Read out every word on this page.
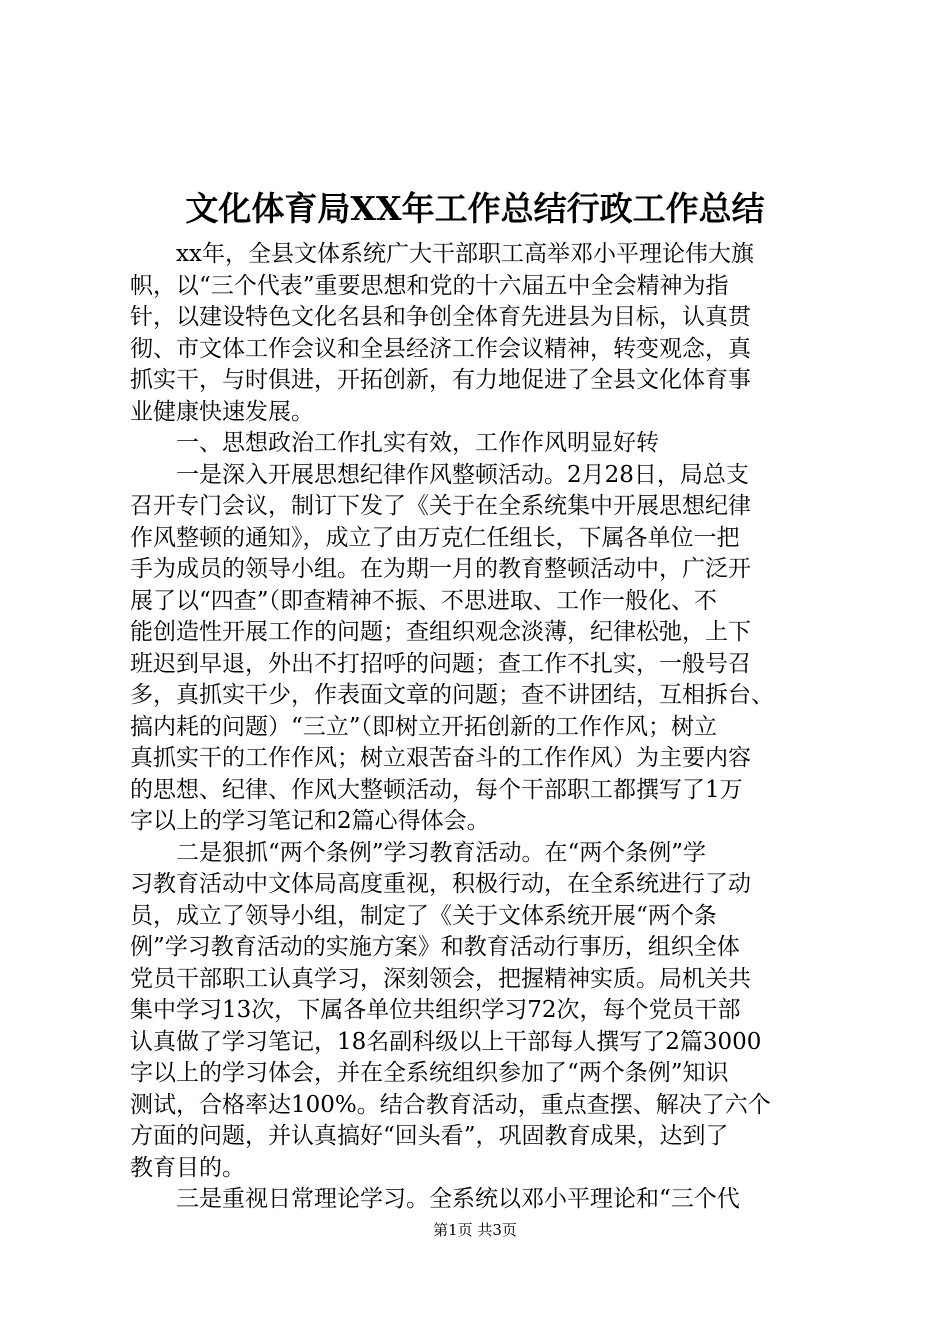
文化体育局XX年工作总结行政工作总结
　　xx年，全县文体系统广大干部职工高举邓小平理论伟大旗
帜，以“三个代表”重要思想和党的十六届五中全会精神为指
针，以建设特色文化名县和争创全体育先进县为目标，认真贯
彻、市文体工作会议和全县经济工作会议精神，转变观念，真
抓实干，与时俱进，开拓创新，有力地促进了全县文化体育事
业健康快速发展。
　　一、思想政治工作扎实有效，工作作风明显好转
　　一是深入开展思想纪律作风整顿活动。2月28日，局总支
召开专门会议，制订下发了《关于在全系统集中开展思想纪律
作风整顿的通知》，成立了由万克仁任组长，下属各单位一把
手为成员的领导小组。在为期一月的教育整顿活动中，广泛开
展了以“四查”（即查精神不振、不思进取、工作一般化、不
能创造性开展工作的问题；查组织观念淡薄，纪律松弛，上下
班迟到早退，外出不打招呼的问题；查工作不扎实，一般号召
多，真抓实干少，作表面文章的问题；查不讲团结，互相拆台、
搞内耗的问题）“三立”（即树立开拓创新的工作作风；树立
真抓实干的工作作风；树立艰苦奋斗的工作作风）为主要内容
的思想、纪律、作风大整顿活动，每个干部职工都撰写了1万
字以上的学习笔记和2篇心得体会。
　　二是狠抓“两个条例”学习教育活动。在“两个条例”学
习教育活动中文体局高度重视，积极行动，在全系统进行了动
员，成立了领导小组，制定了《关于文体系统开展“两个条
例”学习教育活动的实施方案》和教育活动行事历，组织全体
党员干部职工认真学习，深刻领会，把握精神实质。局机关共
集中学习13次，下属各单位共组织学习72次，每个党员干部
认真做了学习笔记，18名副科级以上干部每人撰写了2篇3000
字以上的学习体会，并在全系统组织参加了“两个条例”知识
测试，合格率达100%。结合教育活动，重点查摆、解决了六个
方面的问题，并认真搞好“回头看”，巩固教育成果，达到了
教育目的。
　　三是重视日常理论学习。全系统以邓小平理论和“三个代
第1页 共3页
